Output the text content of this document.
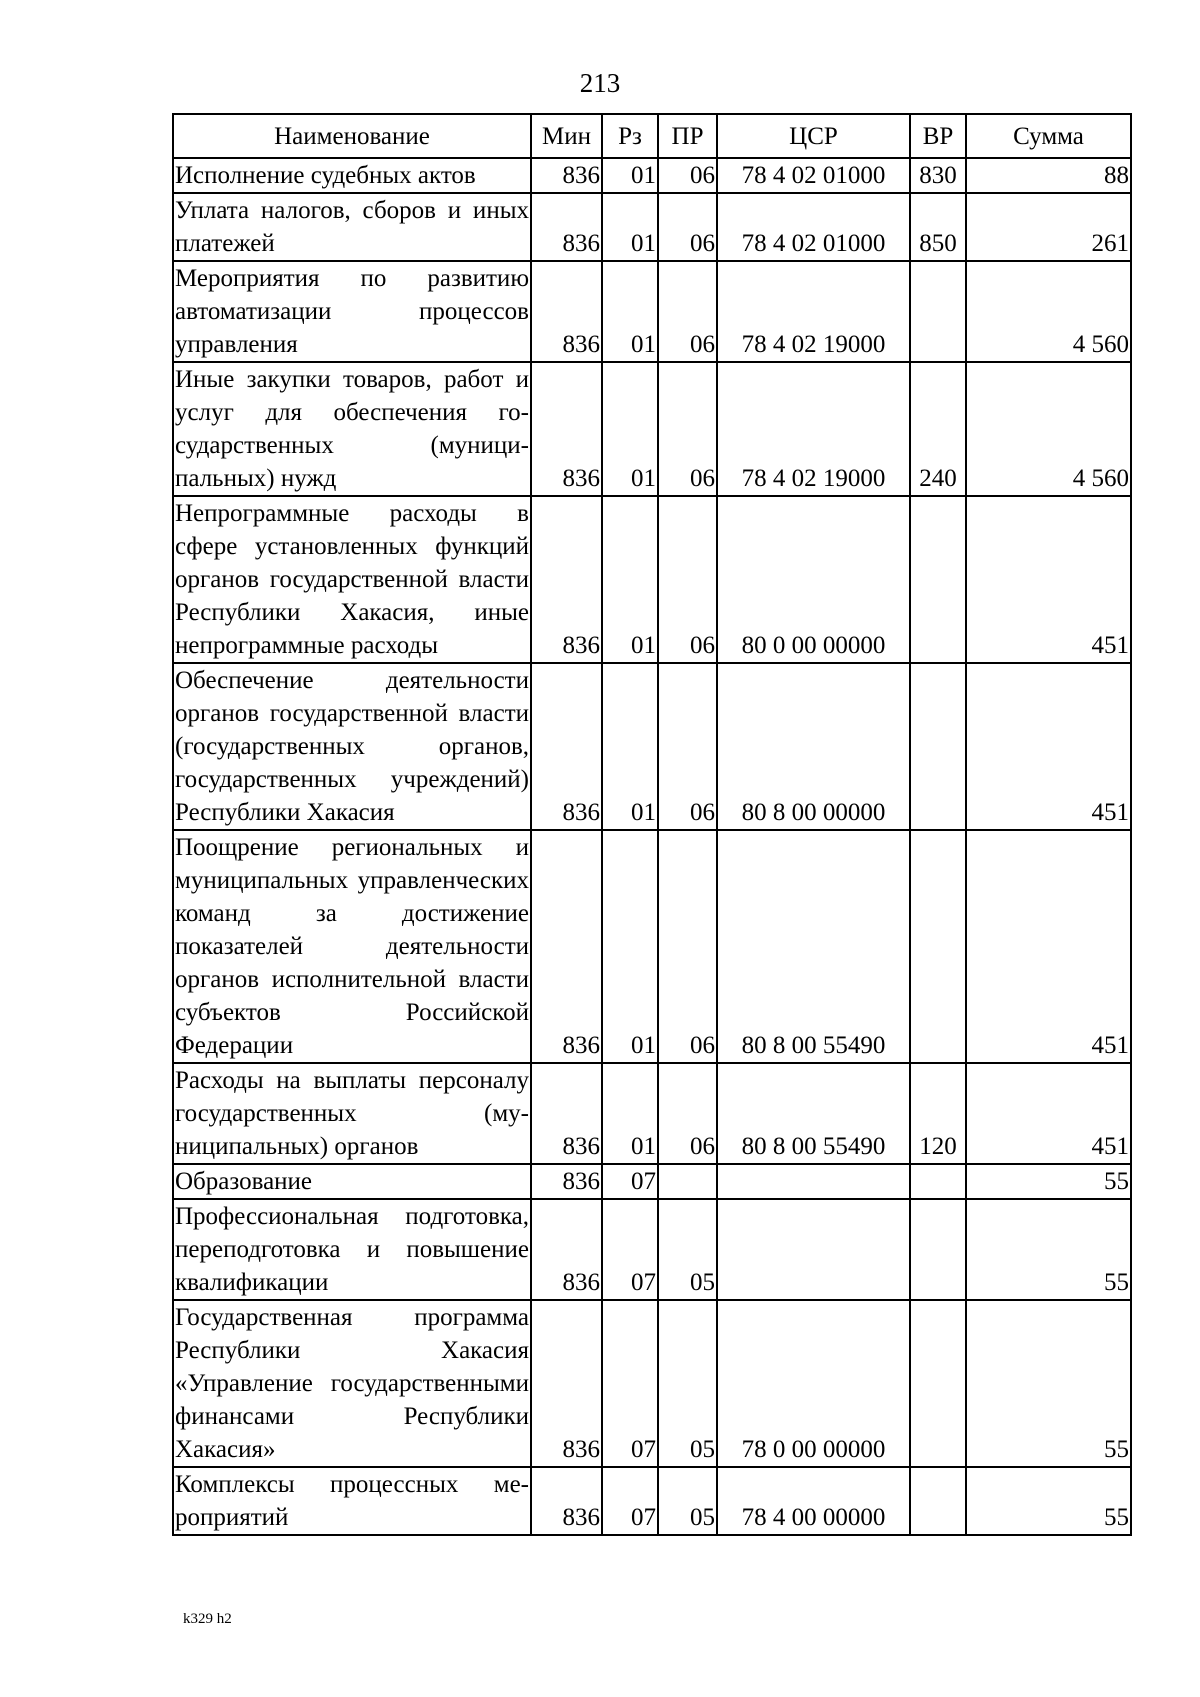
213
Наименование	Мин	Рз	ПР	ЦСР	ВР	Сумма
Исполнение судебных актов	836	01	06	78 4 02 01000	830	88
Уплата налогов, сборов и иных платежей	836	01	06	78 4 02 01000	850	261
Мероприятия по развитию автоматизации процессов управления	836	01	06	78 4 02 19000		4 560
Иные закупки товаров, работ и услуг для обеспечения государственных (муниципальных) нужд	836	01	06	78 4 02 19000	240	4 560
Непрограммные расходы в сфере установленных функций органов государственной власти Республики Хакасия, иные непрограммные расходы	836	01	06	80 0 00 00000		451
Обеспечение деятельности органов государственной власти (государственных органов, государственных учреждений) Республики Хакасия	836	01	06	80 8 00 00000		451
Поощрение региональных и муниципальных управленческих команд за достижение показателей деятельности органов исполнительной власти субъектов Российской Федерации	836	01	06	80 8 00 55490		451
Расходы на выплаты персоналу государственных (муниципальных) органов	836	01	06	80 8 00 55490	120	451
Образование	836	07				55
Профессиональная подготовка, переподготовка и повышение квалификации	836	07	05			55
Государственная программа Республики Хакасия «Управление государственными финансами Республики Хакасия»	836	07	05	78 0 00 00000		55
Комплексы процессных мероприятий	836	07	05	78 4 00 00000		55
k329 h2
